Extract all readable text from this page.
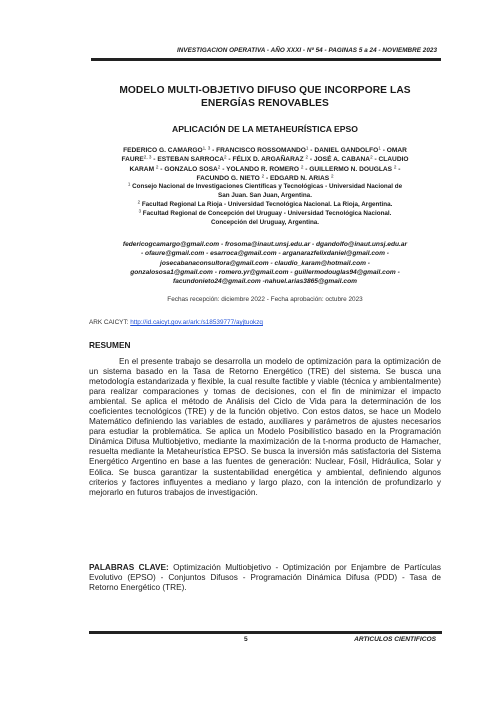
INVESTIGACION OPERATIVA - AÑO XXXI - Nº 54 - PAGINAS 5 a 24 - NOVIEMBRE 2023
MODELO MULTI-OBJETIVO DIFUSO QUE INCORPORE LAS
ENERGÍAS RENOVABLES
APLICACIÓN DE LA METAHEURÍSTICA EPSO
FEDERICO G. CAMARGO$^{1, 3}$ - FRANCISCO ROSSOMANDO$^1$ - DANIEL GANDOLFO$^1$ - OMAR
FAURE$^{2, 3}$ - ESTEBAN SARROCA$^2$ - FÉLIX D. ARGAÑARAZ $^2$ - JOSÉ A. CABANA$^2$ - CLAUDIO
KARAM $^2$ - GONZALO SOSA$^2$ - YOLANDO R. ROMERO $^2$ - GUILLERMO N. DOUGLAS $^2$ -
FACUNDO G. NIETO $^2$ - EDGARD N. ARIAS $^2$
$^1$ Consejo Nacional de Investigaciones Científicas y Tecnológicas - Universidad Nacional de
San Juan. San Juan, Argentina.
$^2$ Facultad Regional La Rioja - Universidad Tecnológica Nacional. La Rioja, Argentina.
$^3$ Facultad Regional de Concepción del Uruguay - Universidad Tecnológica Nacional.
Concepción del Uruguay, Argentina.
federicogcamargo@gmail.com - frosoma@inaut.unsj.edu.ar - dgandolfo@inaut.unsj.edu.ar
- ofaure@gmail.com - esarroca@gmail.com - arganarazfelixdaniel@gmail.com -
josecabanaconsultora@gmail.com - claudio_karam@hotmail.com -
gonzalososa1@gmail.com - romero.yr@gmail.com - guillermodouglas94@gmail.com -
facundonieto24@gmail.com -nahuel.arias3865@gmail.com
Fechas recepción: diciembre 2022 - Fecha aprobación: octubre 2023
ARK CAICYT: http://id.caicyt.gov.ar/ark:/s18539777/ayjtuokzq
RESUMEN
En el presente trabajo se desarrolla un modelo de optimización para la optimización de un sistema basado en la Tasa de Retorno Energético (TRE) del sistema. Se busca una metodología estandarizada y flexible, la cual resulte factible y viable (técnica y ambientalmente) para realizar comparaciones y tomas de decisiones, con el fin de minimizar el impacto ambiental. Se aplica el método de Análisis del Ciclo de Vida para la determinación de los coeficientes tecnológicos (TRE) y de la función objetivo. Con estos datos, se hace un Modelo Matemático definiendo las variables de estado, auxiliares y parámetros de ajustes necesarios para estudiar la problemática. Se aplica un Modelo Posibilístico basado en la Programación Dinámica Difusa Multiobjetivo, mediante la maximización de la t-norma producto de Hamacher, resuelta mediante la Metaheurística EPSO. Se busca la inversión más satisfactoria del Sistema Energético Argentino en base a las fuentes de generación: Nuclear, Fósil, Hidráulica, Solar y Eólica. Se busca garantizar la sustentabilidad energética y ambiental, definiendo algunos criterios y factores influyentes a mediano y largo plazo, con la intención de profundizarlo y mejorarlo en futuros trabajos de investigación.
PALABRAS CLAVE: Optimización Multiobjetivo - Optimización por Enjambre de Partículas Evolutivo (EPSO) - Conjuntos Difusos - Programación Dinámica Difusa (PDD) - Tasa de Retorno Energético (TRE).
5	ARTICULOS CIENTIFICOS
